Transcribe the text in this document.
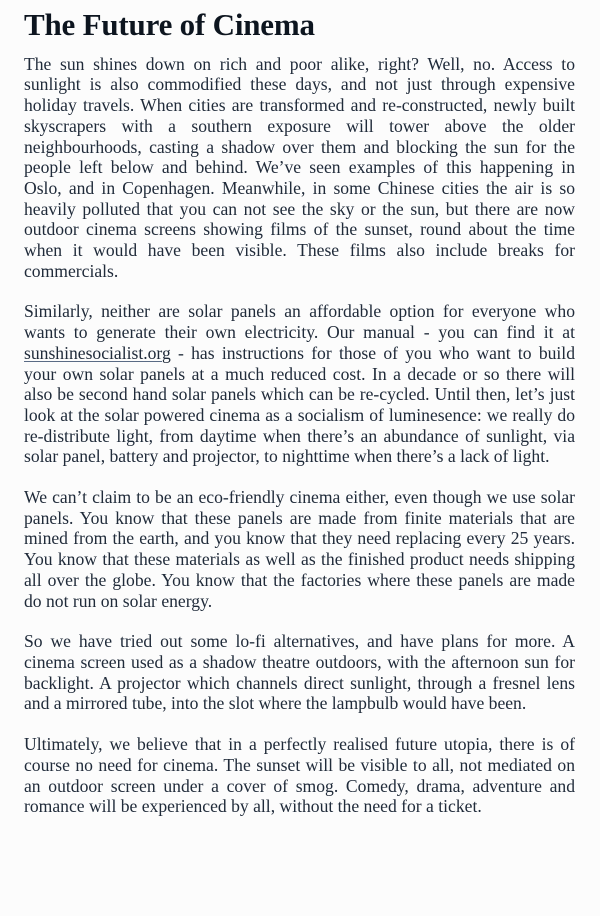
The Future of Cinema

The sun shines down on rich and poor alike, right? Well, no. Access to sunlight is also commodified these days, and not just through expensive holiday travels. When cities are transformed and re-constructed, newly built skyscrapers with a southern exposure will tower above the older neighbourhoods, casting a shadow over them and blocking the sun for the people left below and behind. We’ve seen examples of this happening in Oslo, and in Copenhagen. Meanwhile, in some Chinese cities the air is so heavily polluted that you can not see the sky or the sun, but there are now outdoor cinema screens showing films of the sunset, round about the time when it would have been visible. These films also include breaks for commercials.

Similarly, neither are solar panels an affordable option for everyone who wants to generate their own electricity. Our manual - you can find it at sunshinesocialist.org - has instructions for those of you who want to build your own solar panels at a much reduced cost. In a decade or so there will also be second hand solar panels which can be re-cycled. Until then, let’s just look at the solar powered cinema as a socialism of luminesence: we really do re-distribute light, from daytime when there’s an abundance of sunlight, via solar panel, battery and projector, to nighttime when there’s a lack of light.

We can’t claim to be an eco-friendly cinema either, even though we use solar panels. You know that these panels are made from finite materials that are mined from the earth, and you know that they need replacing every 25 years. You know that these materials as well as the finished product needs shipping all over the globe. You know that the factories where these panels are made do not run on solar energy.

So we have tried out some lo-fi alternatives, and have plans for more. A cinema screen used as a shadow theatre outdoors, with the afternoon sun for backlight. A projector which channels direct sunlight, through a fresnel lens and a mirrored tube, into the slot where the lampbulb would have been.

Ultimately, we believe that in a perfectly realised future utopia, there is of course no need for cinema. The sunset will be visible to all, not mediated on an outdoor screen under a cover of smog. Comedy, drama, adventure and romance will be experienced by all, without the need for a ticket.
